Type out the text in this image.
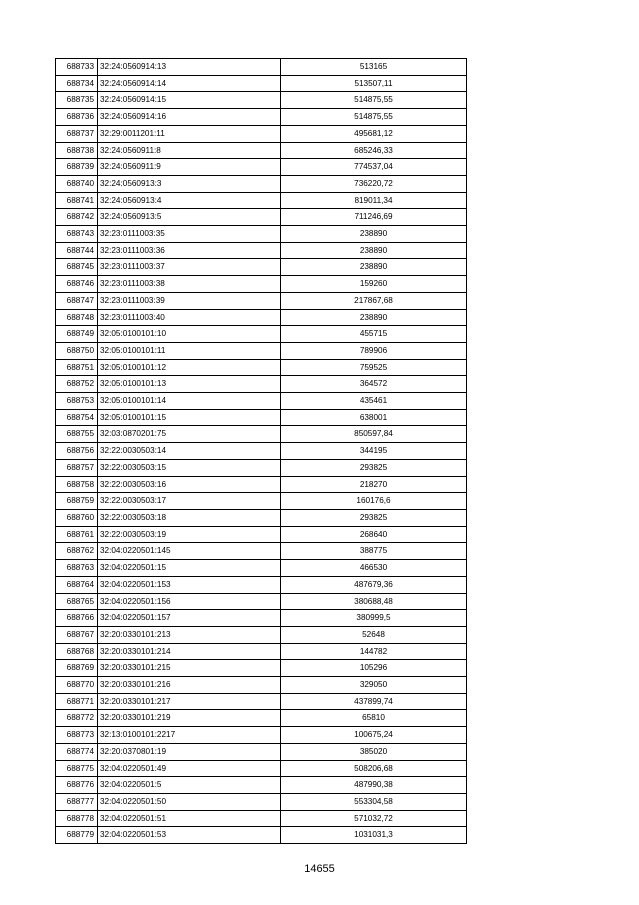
688733	32:24:0560914:13	513165
688734	32:24:0560914:14	513507,11
688735	32:24:0560914:15	514875,55
688736	32:24:0560914:16	514875,55
688737	32:29:0011201:11	495681,12
688738	32:24:0560911:8	685246,33
688739	32:24:0560911:9	774537,04
688740	32:24:0560913:3	736220,72
688741	32:24:0560913:4	819011,34
688742	32:24:0560913:5	711246,69
688743	32:23:0111003:35	238890
688744	32:23:0111003:36	238890
688745	32:23:0111003:37	238890
688746	32:23:0111003:38	159260
688747	32:23:0111003:39	217867,68
688748	32:23:0111003:40	238890
688749	32:05:0100101:10	455715
688750	32:05:0100101:11	789906
688751	32:05:0100101:12	759525
688752	32:05:0100101:13	364572
688753	32:05:0100101:14	435461
688754	32:05:0100101:15	638001
688755	32:03:0870201:75	850597,84
688756	32:22:0030503:14	344195
688757	32:22:0030503:15	293825
688758	32:22:0030503:16	218270
688759	32:22:0030503:17	160176,6
688760	32:22:0030503:18	293825
688761	32:22:0030503:19	268640
688762	32:04:0220501:145	388775
688763	32:04:0220501:15	466530
688764	32:04:0220501:153	487679,36
688765	32:04:0220501:156	380688,48
688766	32:04:0220501:157	380999,5
688767	32:20:0330101:213	52648
688768	32:20:0330101:214	144782
688769	32:20:0330101:215	105296
688770	32:20:0330101:216	329050
688771	32:20:0330101:217	437899,74
688772	32:20:0330101:219	65810
688773	32:13:0100101:2217	100675,24
688774	32:20:0370801:19	385020
688775	32:04:0220501:49	508206,68
688776	32:04:0220501:5	487990,38
688777	32:04:0220501:50	553304,58
688778	32:04:0220501:51	571032,72
688779	32:04:0220501:53	1031031,3
14655
